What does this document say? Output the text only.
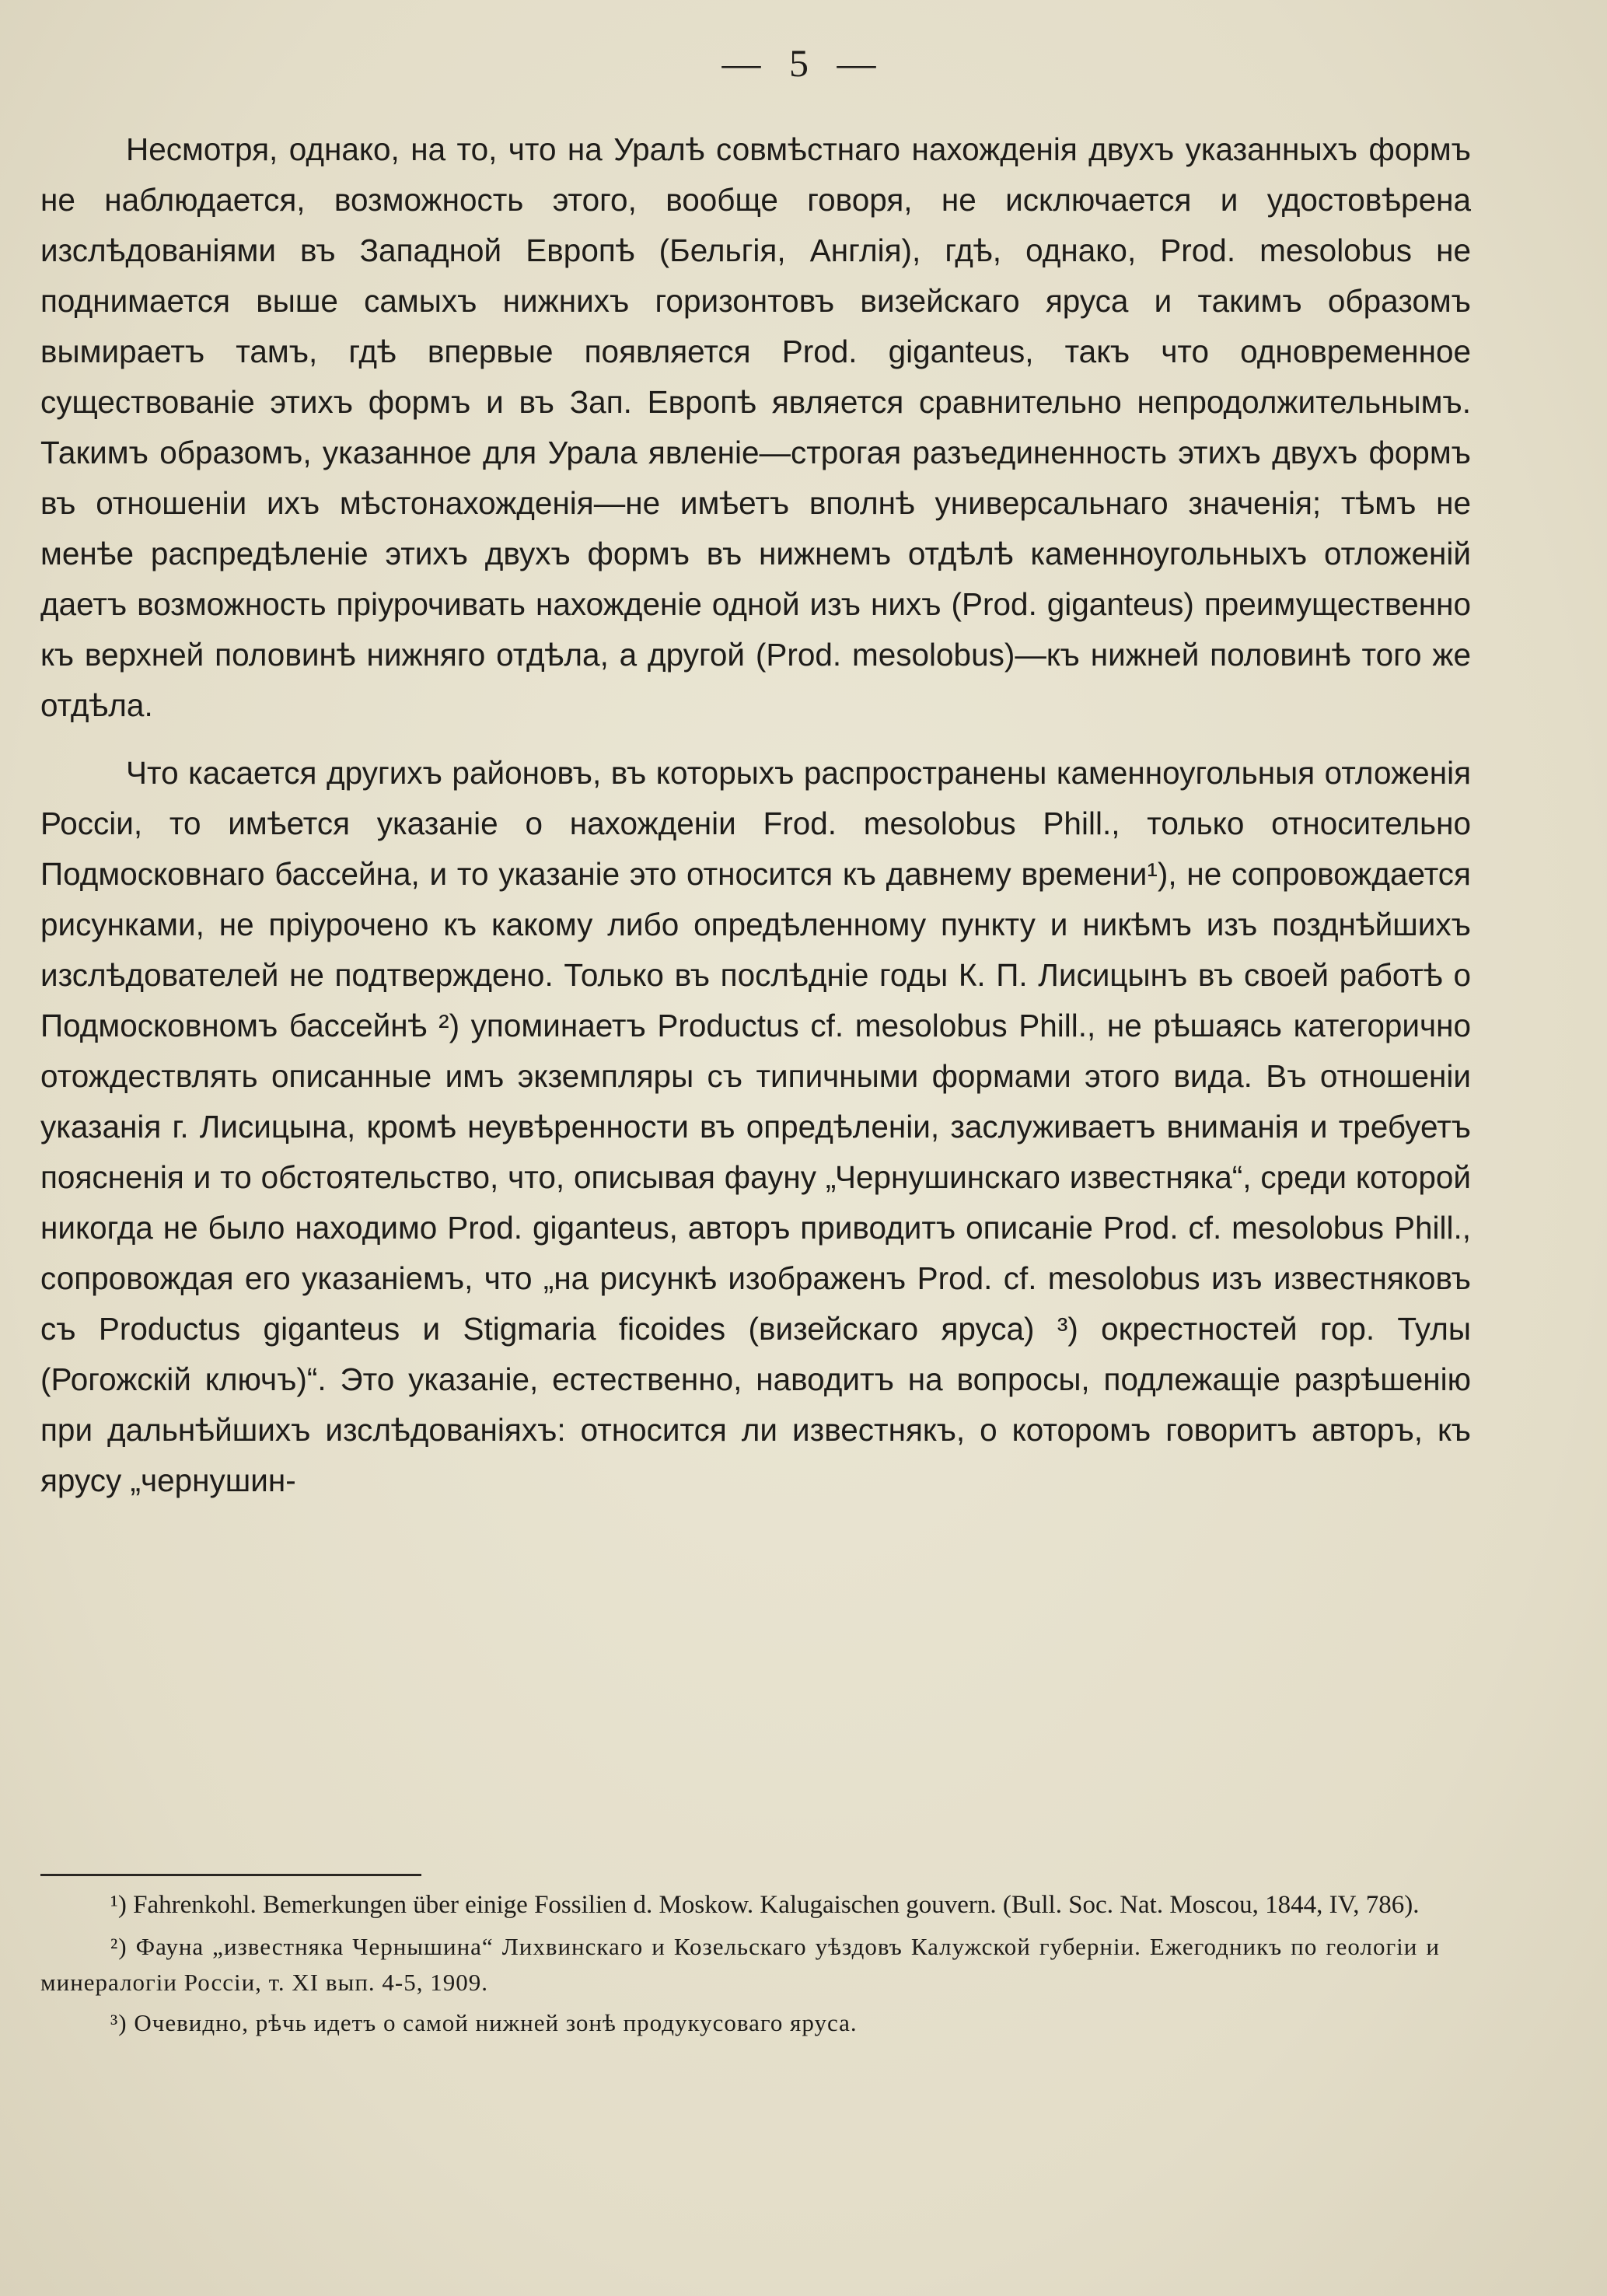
— 5 —

Несмотря, однако, на то, что на Уралѣ совмѣстнаго нахожденія двухъ указанныхъ формъ не наблюдается, возможность этого, вообще говоря, не исключается и удостовѣрена изслѣдованіями въ Западной Европѣ (Бельгія, Англія), гдѣ, однако, Prod. mesolobus не поднимается выше самыхъ нижнихъ горизонтовъ визейскаго яруса и такимъ образомъ вымираетъ тамъ, гдѣ впервые появляется Prod. giganteus, такъ что одновременное существованіе этихъ формъ и въ Зап. Европѣ является сравнительно непродолжительнымъ. Такимъ образомъ, указанное для Урала явленіе—строгая разъединенность этихъ двухъ формъ въ отношеніи ихъ мѣстонахожденія—не имѣетъ вполнѣ универсальнаго значенія; тѣмъ не менѣе распредѣленіе этихъ двухъ формъ въ нижнемъ отдѣлѣ каменноугольныхъ отложеній даетъ возможность пріурочивать нахожденіе одной изъ нихъ (Prod. giganteus) преимущественно къ верхней половинѣ нижняго отдѣла, а другой (Prod. mesolobus)—къ нижней половинѣ того же отдѣла.

Что касается другихъ районовъ, въ которыхъ распространены каменноугольныя отложенія Россіи, то имѣется указаніе о нахожденіи Frod. mesolobus Phill., только относительно Подмосковнаго бассейна, и то указаніе это относится къ давнему времени¹), не сопровождается рисунками, не пріурочено къ какому либо опредѣленному пункту и никѣмъ изъ позднѣйшихъ изслѣдователей не подтверждено. Только въ послѣдніе годы К. П. Лисицынъ въ своей работѣ о Подмосковномъ бассейнѣ ²) упоминаетъ Productus cf. mesolobus Phill., не рѣшаясь категорично отождествлять описанные имъ экземпляры съ типичными формами этого вида. Въ отношеніи указанія г. Лисицына, кромѣ неувѣренности въ опредѣленіи, заслуживаетъ вниманія и требуетъ поясненія и то обстоятельство, что, описывая фауну „Чернушинскаго известняка“, среди которой никогда не было находимо Prod. giganteus, авторъ приводитъ описаніе Prod. cf. mesolobus Phill., сопровождая его указаніемъ, что „на рисункѣ изображенъ Prod. cf. mesolobus изъ известняковъ съ Productus giganteus и Stigmaria ficoides (визейскаго яруса) ³) окрестностей гор. Тулы (Рогожскій ключъ)“. Это указаніе, естественно, наводитъ на вопросы, подлежащіе разрѣшенію при дальнѣйшихъ изслѣдованіяхъ: относится ли известнякъ, о которомъ говоритъ авторъ, къ ярусу „чернушин-

¹) Fahrenkohl. Bemerkungen über einige Fossilien d. Moskow. Kalugaischen gouvern. (Bull. Soc. Nat. Moscou, 1844, IV, 786).

²) Фауна „известняка Чернышина“ Лихвинскаго и Козельскаго уѣздовъ Калужской губерніи. Ежегодникъ по геологіи и минералогіи Россіи, т. XI вып. 4-5, 1909.

³) Очевидно, рѣчь идетъ о самой нижней зонѣ продукусоваго яруса.
